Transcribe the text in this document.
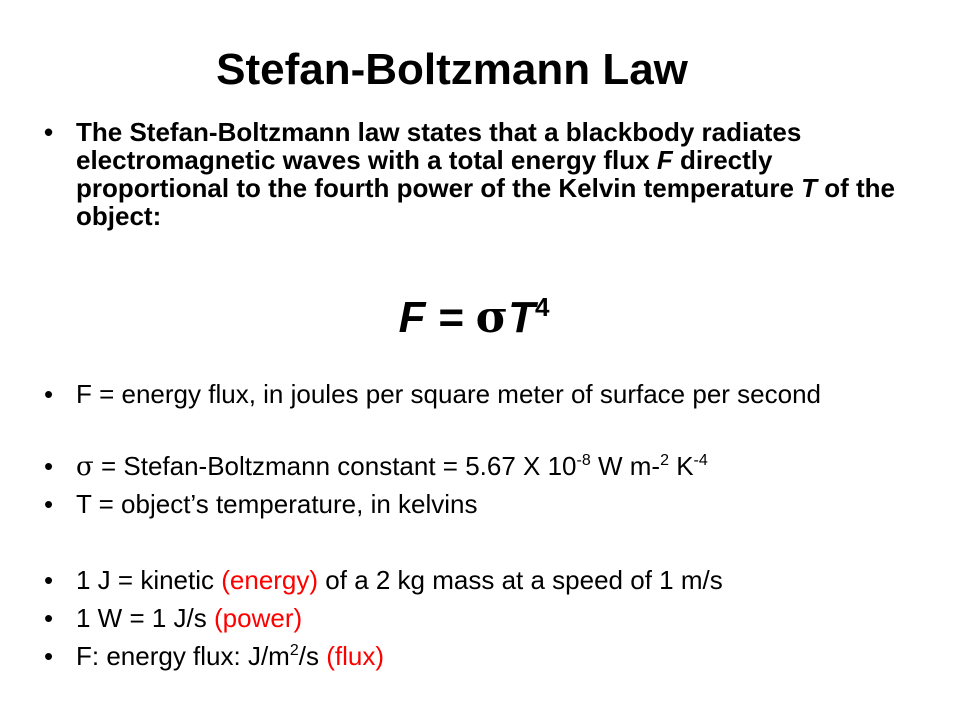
Stefan-Boltzmann Law
• The Stefan-Boltzmann law states that a blackbody radiates electromagnetic waves with a total energy flux F directly proportional to the fourth power of the Kelvin temperature T of the object:
$F = \sigma T^4$
• F = energy flux, in joules per square meter of surface per second
• σ = Stefan-Boltzmann constant = 5.67 X $10^{-8}$ W m-$^2$ $K^{-4}$
• T = object’s temperature, in kelvins
• 1 J = kinetic (energy) of a 2 kg mass at a speed of 1 m/s
• 1 W = 1 J/s (power)
• F: energy flux: $J/m^2/s$ (flux)
